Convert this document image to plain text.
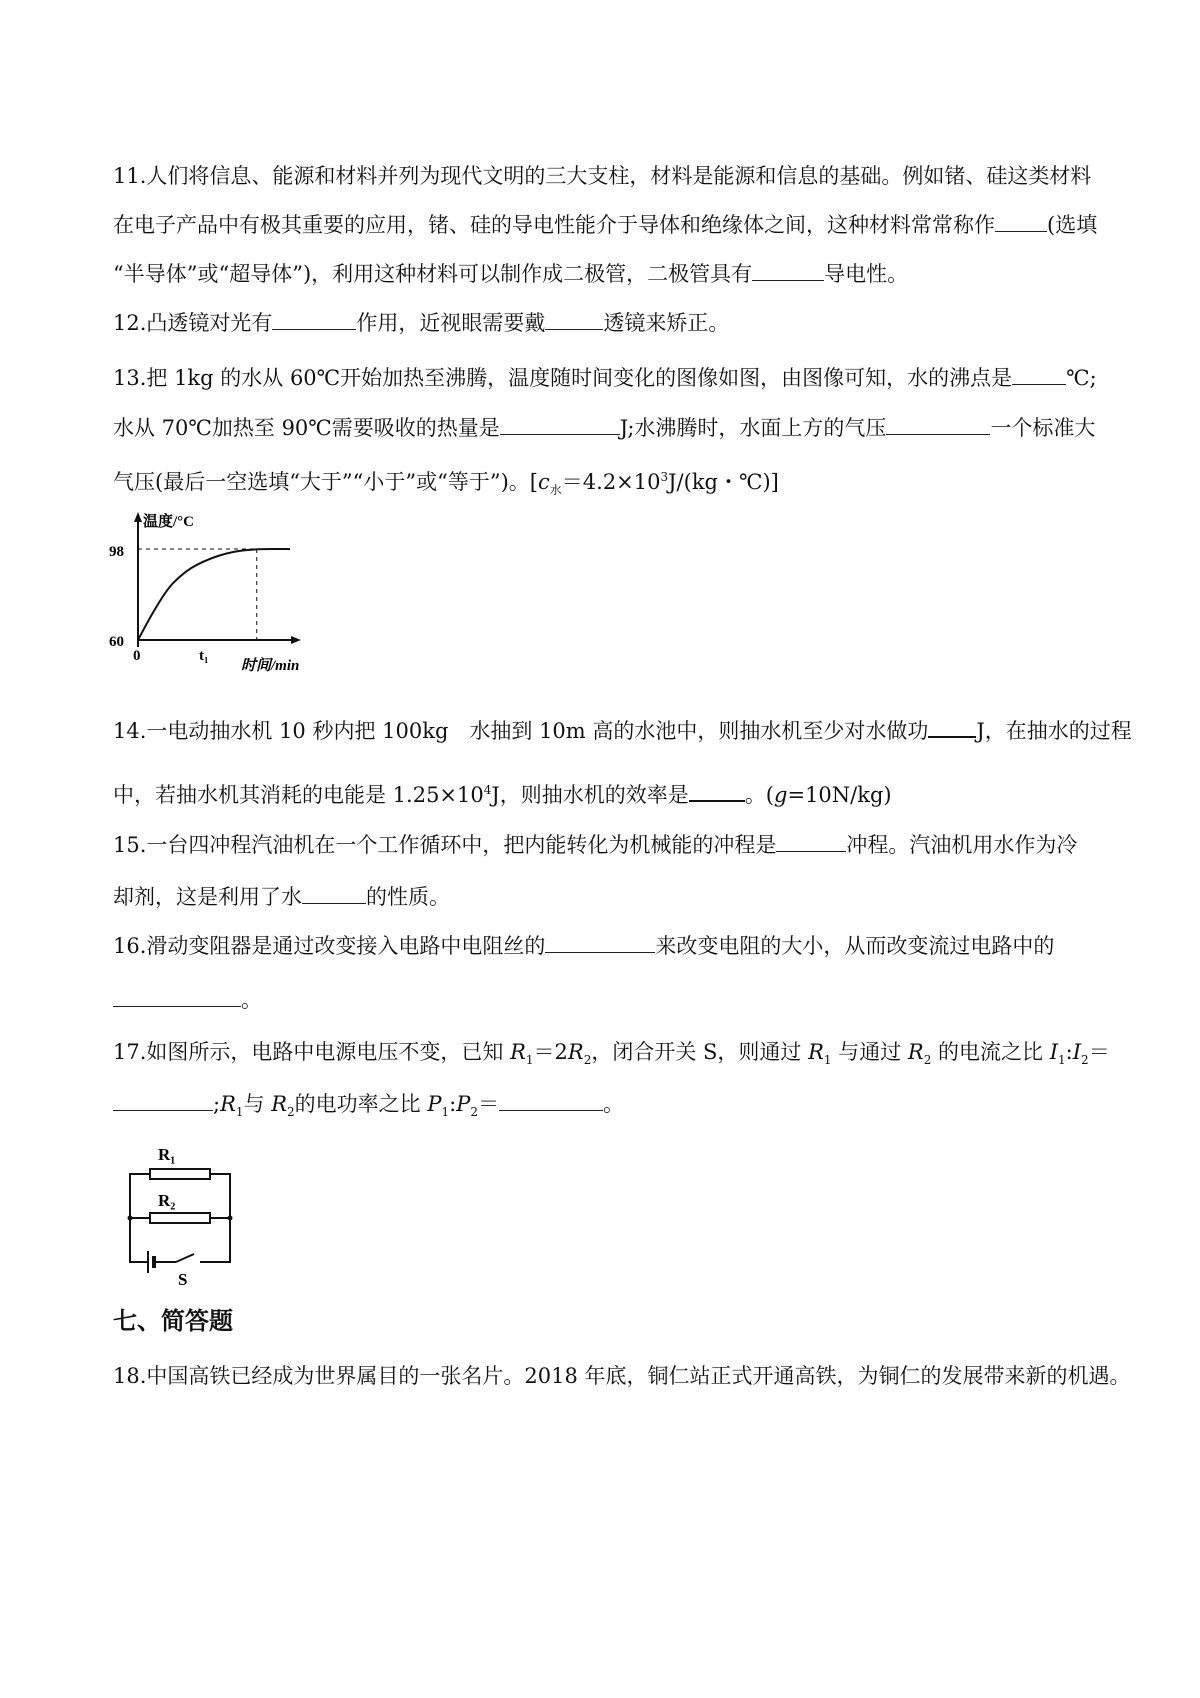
11.人们将信息、能源和材料并列为现代文明的三大支柱，材料是能源和信息的基础。例如锗、硅这类材料
在电子产品中有极其重要的应用，锗、硅的导电性能介于导体和绝缘体之间，这种材料常常称作 (选填
“半导体”或“超导体”)，利用这种材料可以制作成二极管，二极管具有	导电性。
12.凸透镜对光有	作用，近视眼需要戴	透镜来矫正。
13.把 1kg 的水从 60℃开始加热至沸腾，温度随时间变化的图像如图，由图像可知，水的沸点是	℃;
水从 70℃加热至 90℃需要吸收的热量是	J;水沸腾时，水面上方的气压	一个标准大
气压(最后一空选填“大于”“小于”或“等于”)。[$c_水=4.2\times 10^3J/(kg$・℃)]
温度/°C
时间/min
98
60
0	t₁
14.一电动抽水机 10 秒内把 100kg　水抽到 10m 高的水池中，则抽水机至少对水做功 J，在抽水的过程
中，若抽水机其消耗的电能是 $1.25\times 10^4J$，则抽水机的效率是	。(g=10N/kg)
15.一台四冲程汽油机在一个工作循环中，把内能转化为机械能的冲程是	冲程。汽油机用水作为冷
却剂，这是利用了水	的性质。
16.滑动变阻器是通过改变接入电路中电阻丝的	来改变电阻的大小，从而改变流过电路中的
。
17.如图所示，电路中电源电压不变，已知 $R_1=2R_2$，闭合开关 S，则通过 $R_1$ 与通过 $R_2$ 的电流之比 $I_1:I_2=$
$;R_1$与 $R_2$的电功率之比 $P_1:P_2=$	。
R₁
R₂
S
七、简答题
18.中国高铁已经成为世界属目的一张名片。2018 年底，铜仁站正式开通高铁，为铜仁的发展带来新的机遇。
